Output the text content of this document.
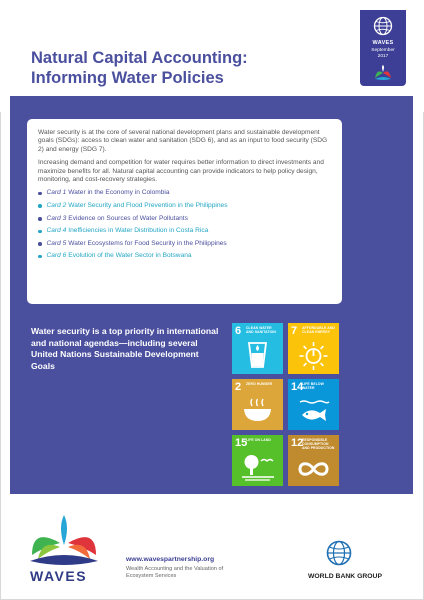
Natural Capital Accounting:
Informing Water Policies
WAVES
September
2017

Water security is at the core of several national development plans and sustainable development goals (SDGs): access to clean water and sanitation (SDG 6), and as an input to food security (SDG 2) and energy (SDG 7).

Increasing demand and competition for water requires better information to direct investments and maximize benefits for all. Natural capital accounting can provide indicators to help policy design, monitoring, and cost-recovery strategies.

Card 1 Water in the Economy in Colombia
Card 2 Water Security and Flood Prevention in the Philippines
Card 3 Evidence on Sources of Water Pollutants
Card 4 Inefficiencies in Water Distribution in Costa Rica
Card 5 Water Ecosystems for Food Security in the Philippines
Card 6 Evolution of the Water Sector in Botswana
Water security is a top priority in international and national agendas—including several United Nations Sustainable Development Goals
6 CLEAN WATER AND SANITATION	7 AFFORDABLE AND CLEAN ENERGY
2 ZERO HUNGER	14
LIFE BELOW WATER
15
LIFE ON LAND	12
RESPONSIBLE CONSUMPTION AND PRODUCTION
WAVES
www.wavespartnership.org
Wealth Accounting and the Valuation of Ecosystem Services	WORLD BANK GROUP
